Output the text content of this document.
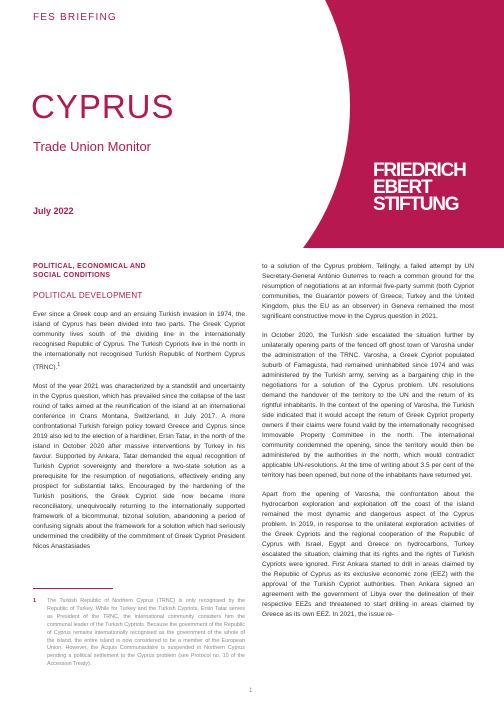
FES BRIEFING
CYPRUS
Trade Union Monitor
July 2022
FRIEDRICH
EBERT
STIFTUNG
POLITICAL, ECONOMICAL AND
SOCIAL CONDITIONS
POLITICAL DEVELOPMENT

Ever since a Greek coup and an ensuing Turkish invasion in 1974, the island of Cyprus has been divided into two parts. The Greek Cypriot community lives south of the dividing line in the internationally recognised Republic of Cyprus. The Turkish Cypriots live in the north in the internationally not recognised Turkish Republic of Northern Cyprus (TRNC).$^1$

Most of the year 2021 was characterized by a standstill and uncertainty in the Cyprus question, which has prevailed since the collapse of the last round of talks aimed at the reunification of the island at an international conference in Crans Montana, Switzerland, in July 2017. A more confrontational Turkish foreign policy toward Greece and Cyprus since 2019 also led to the election of a hardliner, Ersin Tatar, in the north of the island in October 2020 after massive interventions by Turkey in his favour. Supported by Ankara, Tatar demanded the equal recognition of Turkish Cypriot sovereignty and therefore a two-state solution as a prerequisite for the resumption of negotiations, effectively ending any prospect for substantial talks. Encouraged by the hardening of the Turkish positions, the Greek Cypriot side now became more reconciliatory, unequivocally returning to the internationally supported framework of a bicommunal, bizonal solution, abandoning a period of confusing signals about the framework for a solution which had seriously undermined the credibility of the commitment of Greek Cypriot President Nicos Anastasiades

1 The Turkish Republic of Northern Cyprus (TRNC) is only recognised by the Republic of Turkey. While for Turkey and the Turkish Cypriots, Ersin Tatar serves as President of the TRNC, the international community considers him the communal leader of the Turkish Cypriots. Because the government of the Republic of Cyprus remains internationally recognised as the government of the whole of the island, the entire island is now considered to be a member of the European Union. However, the Acquis Communautaire is suspended in Northern Cyprus pending a political settlement to the Cyprus problem (see Protocol no. 10 of the Accession Treaty).

to a solution of the Cyprus problem. Tellingly, a failed attempt by UN Secretary-General António Guterres to reach a common ground for the resumption of negotiations at an informal five-party summit (both Cypriot communities, the Guarantor powers of Greece, Turkey and the United Kingdom, plus the EU as an observer) in Geneva remained the most significant constructive move in the Cyprus question in 2021.

In October 2020, the Turkish side escalated the situation further by unilaterally opening parts of the fenced off ghost town of Varosha under the administration of the TRNC. Varosha, a Greek Cypriot populated suburb of Famagusta, had remained uninhabited since 1974 and was administered by the Turkish army, serving as a bargaining chip in the negotiations for a solution of the Cyprus problem. UN resolutions demand the handover of the territory to the UN and the return of its rightful inhabitants. In the context of the opening of Varosha, the Turkish side indicated that it would accept the return of Greek Cypriot property owners if their claims were found valid by the internationally recognised Immovable Property Committee in the north. The international community condemned the opening, since the territory would then be administered by the authorities in the north, which would contradict applicable UN-resolutions. At the time of writing about 3.5 per cent of the territory has been opened, but none of the inhabitants have returned yet.

Apart from the opening of Varosha, the confrontation about the hydrocarbon exploration and exploitation off the coast of the island remained the most dynamic and dangerous aspect of the Cyprus problem. In 2019, in response to the unilateral exploration activities of the Greek Cypriots and the regional cooperation of the Republic of Cyprus with Israel, Egypt and Greece on hydrocarbons, Turkey escalated the situation, claiming that its rights and the rights of Turkish Cypriots were ignored. First Ankara started to drill in areas claimed by the Republic of Cyprus as its exclusive economic zone (EEZ) with the approval of the Turkish Cypriot authorities. Then Ankara signed an agreement with the government of Libya over the delineation of their respective EEZs and threatened to start drilling in areas claimed by Greece as its own EEZ. In 2021, the issue re-

1
